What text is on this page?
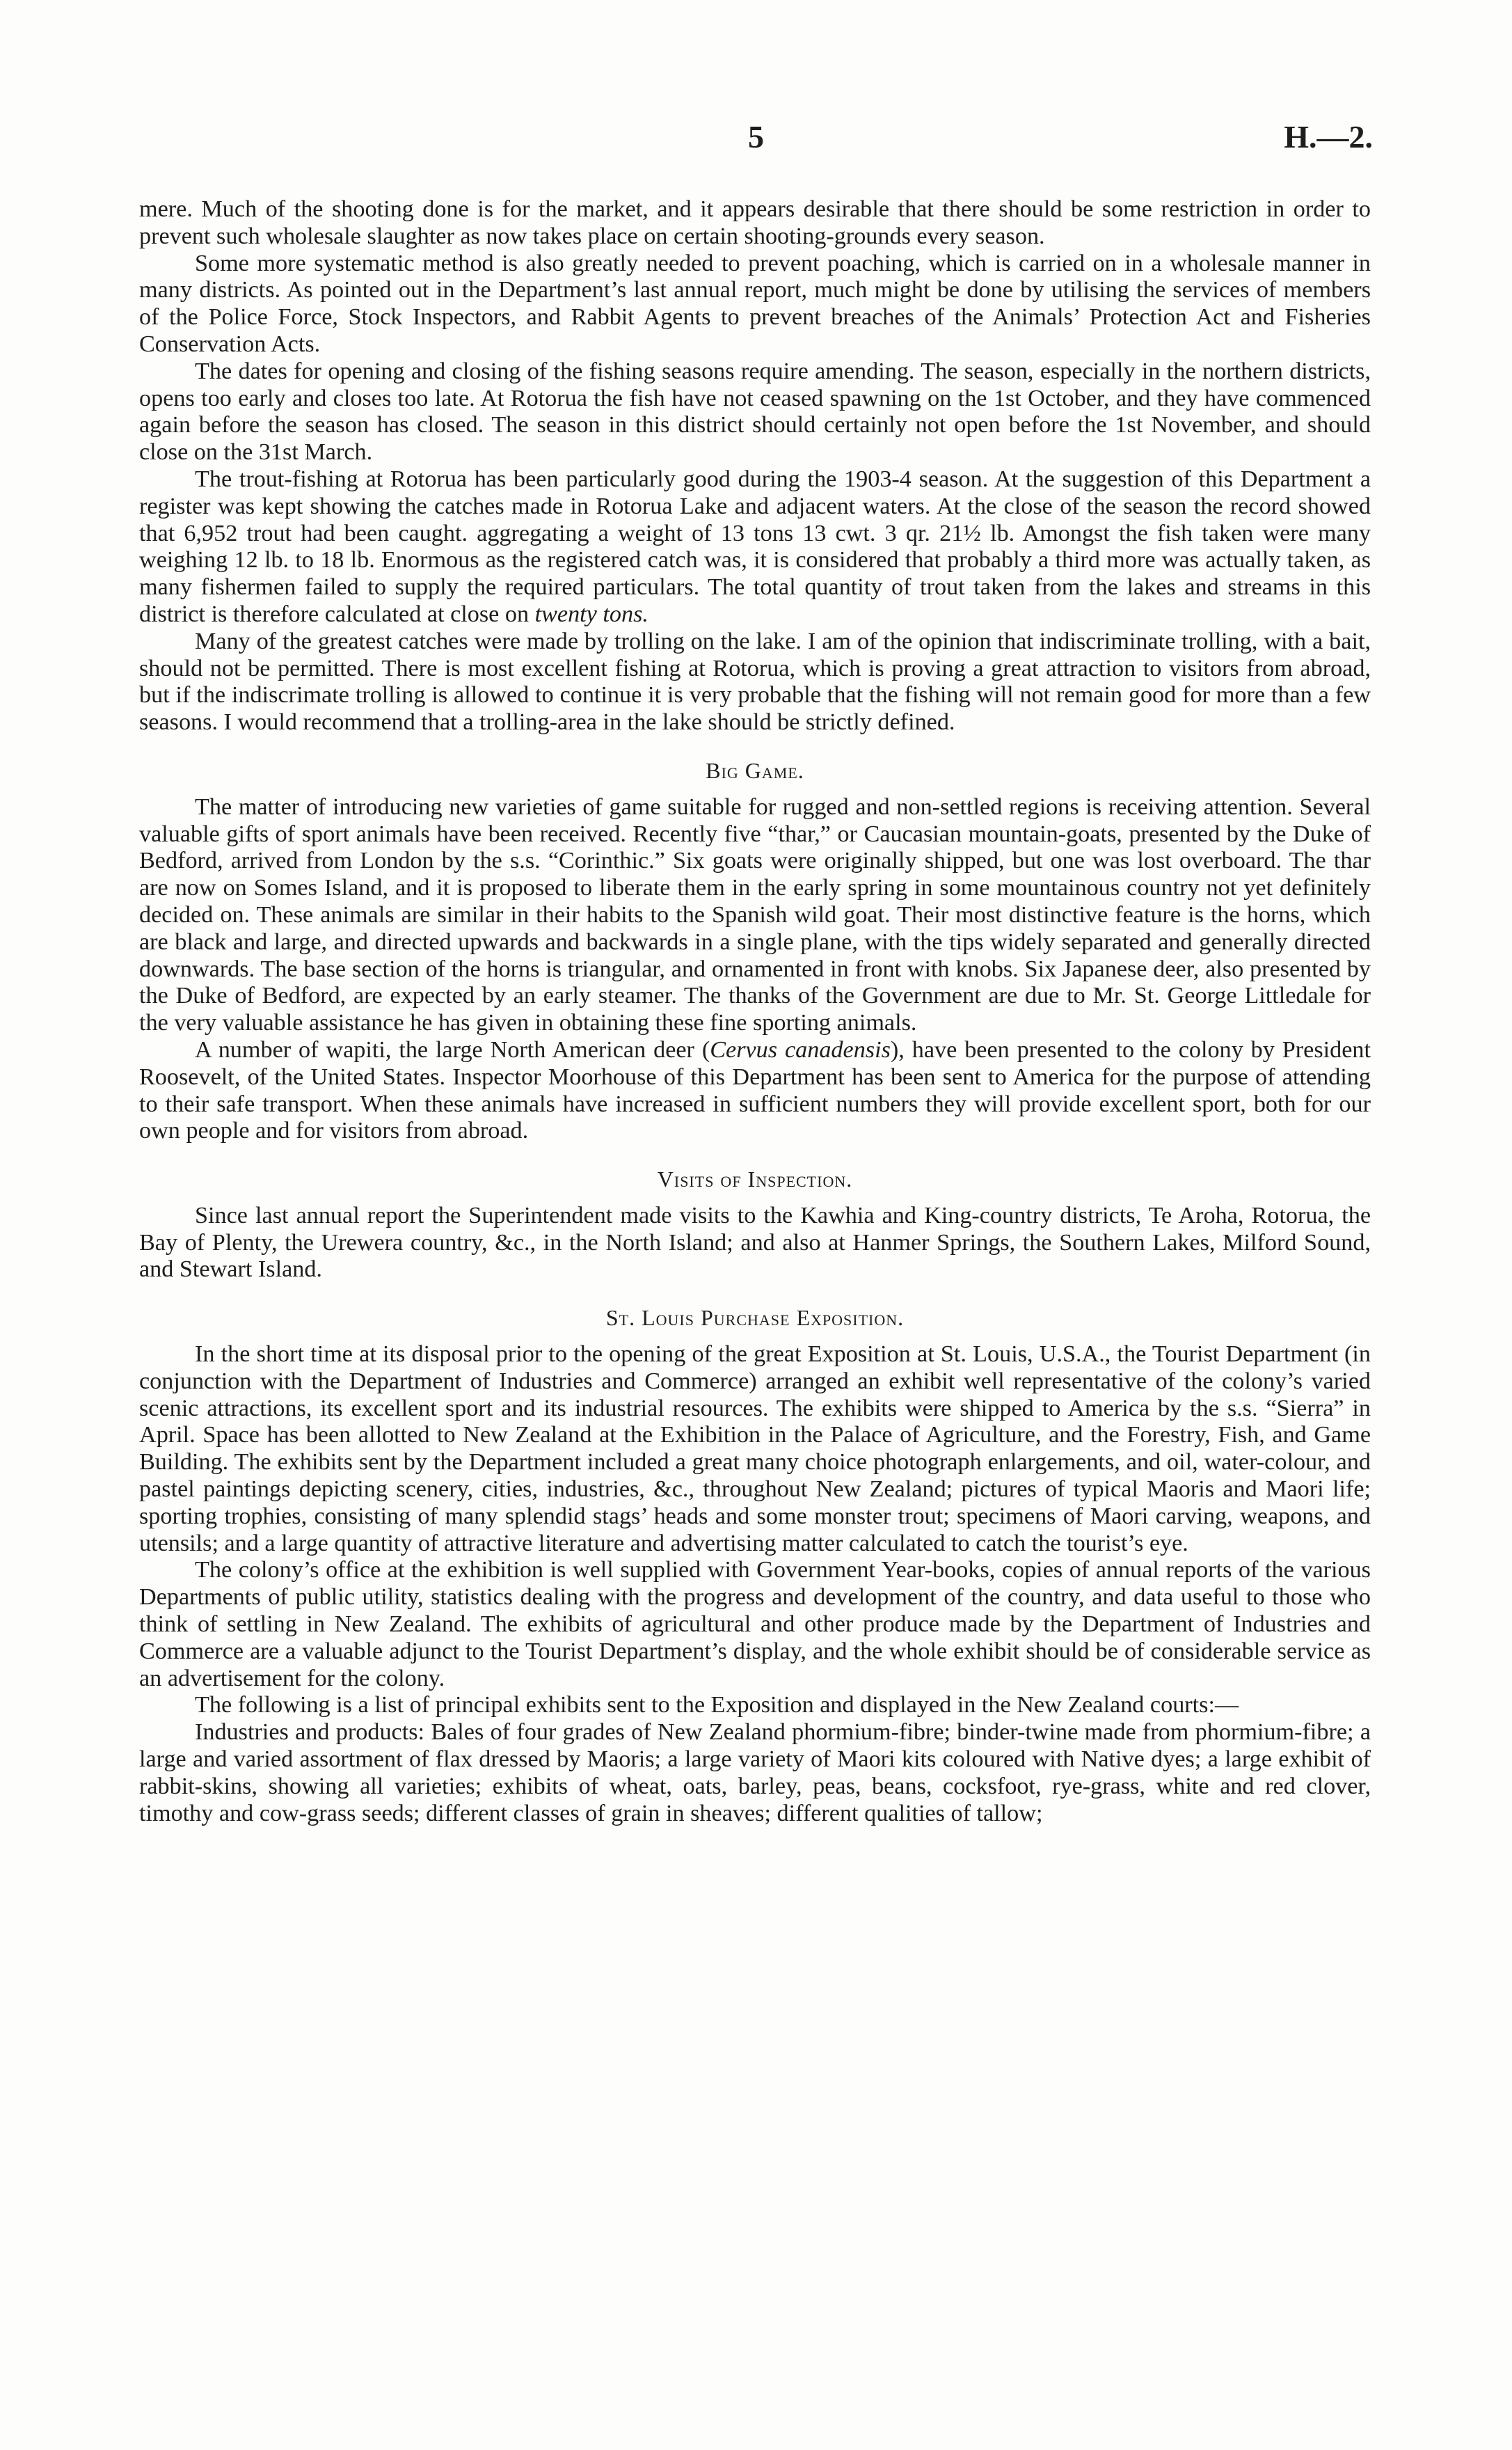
5	H.—2.

mere. Much of the shooting done is for the market, and it appears desirable that there should be some restriction in order to prevent such wholesale slaughter as now takes place on certain shooting-grounds every season.

Some more systematic method is also greatly needed to prevent poaching, which is carried on in a wholesale manner in many districts. As pointed out in the Department’s last annual report, much might be done by utilising the services of members of the Police Force, Stock Inspectors, and Rabbit Agents to prevent breaches of the Animals’ Protection Act and Fisheries Conservation Acts.

The dates for opening and closing of the fishing seasons require amending. The season, especially in the northern districts, opens too early and closes too late. At Rotorua the fish have not ceased spawning on the 1st October, and they have commenced again before the season has closed. The season in this district should certainly not open before the 1st November, and should close on the 31st March.

The trout-fishing at Rotorua has been particularly good during the 1903-4 season. At the suggestion of this Department a register was kept showing the catches made in Rotorua Lake and adjacent waters. At the close of the season the record showed that 6,952 trout had been caught. aggregating a weight of 13 tons 13 cwt. 3 qr. 21½ lb. Amongst the fish taken were many weighing 12 lb. to 18 lb. Enormous as the registered catch was, it is considered that probably a third more was actually taken, as many fishermen failed to supply the required particulars. The total quantity of trout taken from the lakes and streams in this district is therefore calculated at close on twenty tons.

Many of the greatest catches were made by trolling on the lake. I am of the opinion that indiscriminate trolling, with a bait, should not be permitted. There is most excellent fishing at Rotorua, which is proving a great attraction to visitors from abroad, but if the indiscrimate trolling is allowed to continue it is very probable that the fishing will not remain good for more than a few seasons. I would recommend that a trolling-area in the lake should be strictly defined.

Big Game.

The matter of introducing new varieties of game suitable for rugged and non-settled regions is receiving attention. Several valuable gifts of sport animals have been received. Recently five “thar,” or Caucasian mountain-goats, presented by the Duke of Bedford, arrived from London by the s.s. “Corinthic.” Six goats were originally shipped, but one was lost overboard. The thar are now on Somes Island, and it is proposed to liberate them in the early spring in some mountainous country not yet definitely decided on. These animals are similar in their habits to the Spanish wild goat. Their most distinctive feature is the horns, which are black and large, and directed upwards and backwards in a single plane, with the tips widely separated and generally directed downwards. The base section of the horns is triangular, and ornamented in front with knobs. Six Japanese deer, also presented by the Duke of Bedford, are expected by an early steamer. The thanks of the Government are due to Mr. St. George Littledale for the very valuable assistance he has given in obtaining these fine sporting animals.

A number of wapiti, the large North American deer (Cervus canadensis), have been presented to the colony by President Roosevelt, of the United States. Inspector Moorhouse of this Department has been sent to America for the purpose of attending to their safe transport. When these animals have increased in sufficient numbers they will provide excellent sport, both for our own people and for visitors from abroad.

Visits of Inspection.

Since last annual report the Superintendent made visits to the Kawhia and King-country districts, Te Aroha, Rotorua, the Bay of Plenty, the Urewera country, &c., in the North Island; and also at Hanmer Springs, the Southern Lakes, Milford Sound, and Stewart Island.

St. Louis Purchase Exposition.

In the short time at its disposal prior to the opening of the great Exposition at St. Louis, U.S.A., the Tourist Department (in conjunction with the Department of Industries and Commerce) arranged an exhibit well representative of the colony’s varied scenic attractions, its excellent sport and its industrial resources. The exhibits were shipped to America by the s.s. “Sierra” in April. Space has been allotted to New Zealand at the Exhibition in the Palace of Agriculture, and the Forestry, Fish, and Game Building. The exhibits sent by the Department included a great many choice photograph enlargements, and oil, water-colour, and pastel paintings depicting scenery, cities, industries, &c., throughout New Zealand; pictures of typical Maoris and Maori life; sporting trophies, consisting of many splendid stags’ heads and some monster trout; specimens of Maori carving, weapons, and utensils; and a large quantity of attractive literature and advertising matter calculated to catch the tourist’s eye.

The colony’s office at the exhibition is well supplied with Government Year-books, copies of annual reports of the various Departments of public utility, statistics dealing with the progress and development of the country, and data useful to those who think of settling in New Zealand. The exhibits of agricultural and other produce made by the Department of Industries and Commerce are a valuable adjunct to the Tourist Department’s display, and the whole exhibit should be of considerable service as an advertisement for the colony.

The following is a list of principal exhibits sent to the Exposition and displayed in the New Zealand courts:—

Industries and products: Bales of four grades of New Zealand phormium-fibre; binder-twine made from phormium-fibre; a large and varied assortment of flax dressed by Maoris; a large variety of Maori kits coloured with Native dyes; a large exhibit of rabbit-skins, showing all varieties; exhibits of wheat, oats, barley, peas, beans, cocksfoot, rye-grass, white and red clover, timothy and cow-grass seeds; different classes of grain in sheaves; different qualities of tallow;
